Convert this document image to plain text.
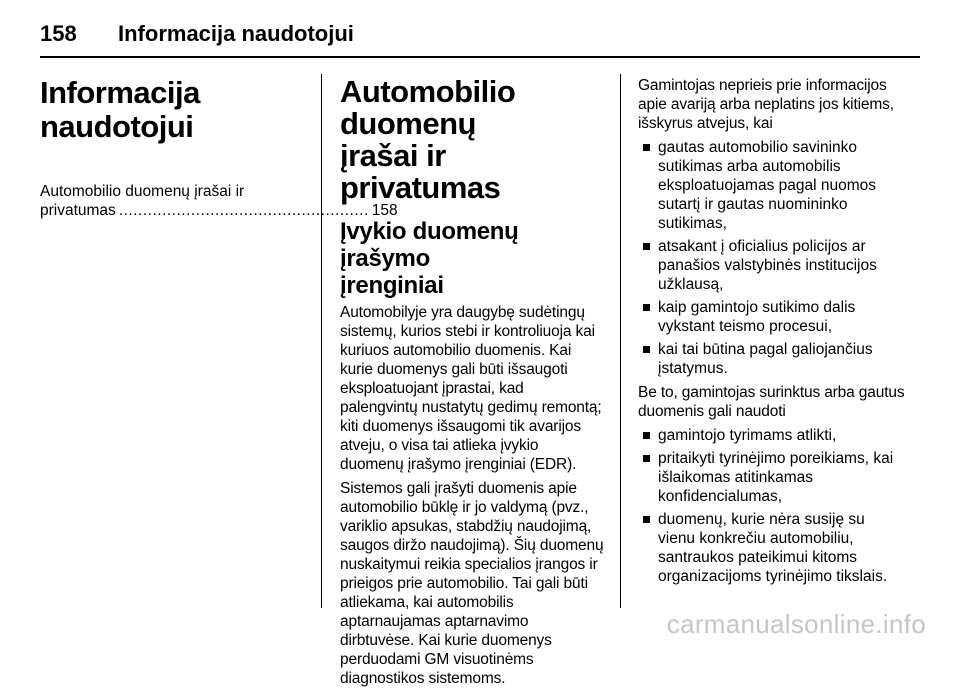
158 Informacija naudotojui
Informacija naudotojui
Automobilio duomenų įrašai ir
privatumas .................................................... 158
Automobilio duomenų
įrašai ir privatumas
Įvykio duomenų įrašymo
įrenginiai

Automobilyje yra daugybę sudėtingų sistemų, kurios stebi ir kontroliuoja kai kuriuos automobilio duomenis. Kai kurie duomenys gali būti išsaugoti eksploatuojant įprastai, kad palengvintų nustatytų gedimų remontą; kiti duomenys išsaugomi tik avarijos atveju, o visa tai atlieka įvykio duomenų įrašymo įrenginiai (EDR).

Sistemos gali įrašyti duomenis apie automobilio būklę ir jo valdymą (pvz., variklio apsukas, stabdžių naudojimą, saugos diržo naudojimą). Šių duomenų nuskaitymui reikia specialios įrangos ir prieigos prie automobilio. Tai gali būti atliekama, kai automobilis aptarnaujamas aptarnavimo dirbtuvėse. Kai kurie duomenys perduodami GM visuotinėms diagnostikos sistemoms.

Gamintojas neprieis prie informacijos apie avariją arba neplatins jos kitiems, išskyrus atvejus, kai

gautas automobilio savininko sutikimas arba automobilis eksploatuojamas pagal nuomos sutartį ir gautas nuomininko sutikimas,
atsakant į oficialius policijos ar panašios valstybinės institucijos užklausą,
kaip gamintojo sutikimo dalis vykstant teismo procesui,
kai tai būtina pagal galiojančius įstatymus.

Be to, gamintojas surinktus arba gautus duomenis gali naudoti

gamintojo tyrimams atlikti,
pritaikyti tyrinėjimo poreikiams, kai išlaikomas atitinkamas konfidencialumas,
duomenų, kurie nėra susiję su vienu konkrečiu automobiliu, santraukos pateikimui kitoms organizacijoms tyrinėjimo tikslais.
carmanualsonline.info
